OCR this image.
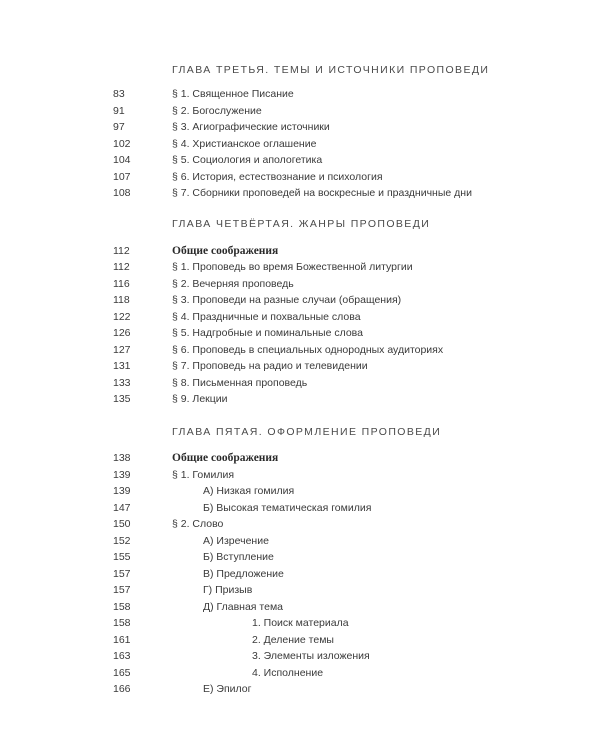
ГЛАВА ТРЕТЬЯ. ТЕМЫ И ИСТОЧНИКИ ПРОПОВЕДИ
83	§ 1. Священное Писание
91	§ 2. Богослужение
97	§ 3. Агиографические источники
102	§ 4. Христианское оглашение
104	§ 5. Социология и апологетика
107	§ 6. История, естествознание и психология
108	§ 7. Сборники проповедей на воскресные и праздничные дни
ГЛАВА ЧЕТВЁРТАЯ. ЖАНРЫ ПРОПОВЕДИ
112	Общие соображения
112	§ 1. Проповедь во время Божественной литургии
116	§ 2. Вечерняя проповедь
118	§ 3. Проповеди на разные случаи (обращения)
122	§ 4. Праздничные и похвальные слова
126	§ 5. Надгробные и поминальные слова
127	§ 6. Проповедь в специальных однородных аудиториях
131	§ 7. Проповедь на радио и телевидении
133	§ 8. Письменная проповедь
135	§ 9. Лекции
ГЛАВА ПЯТАЯ. ОФОРМЛЕНИЕ ПРОПОВЕДИ
138	Общие соображения
139	§ 1. Гомилия
139	А) Низкая гомилия
147	Б) Высокая тематическая гомилия
150	§ 2. Слово
152	А) Изречение
155	Б) Вступление
157	В) Предложение
157	Г) Призыв
158	Д) Главная тема
158	1. Поиск материала
161	2. Деление темы
163	3. Элементы изложения
165	4. Исполнение
166	Е) Эпилог
